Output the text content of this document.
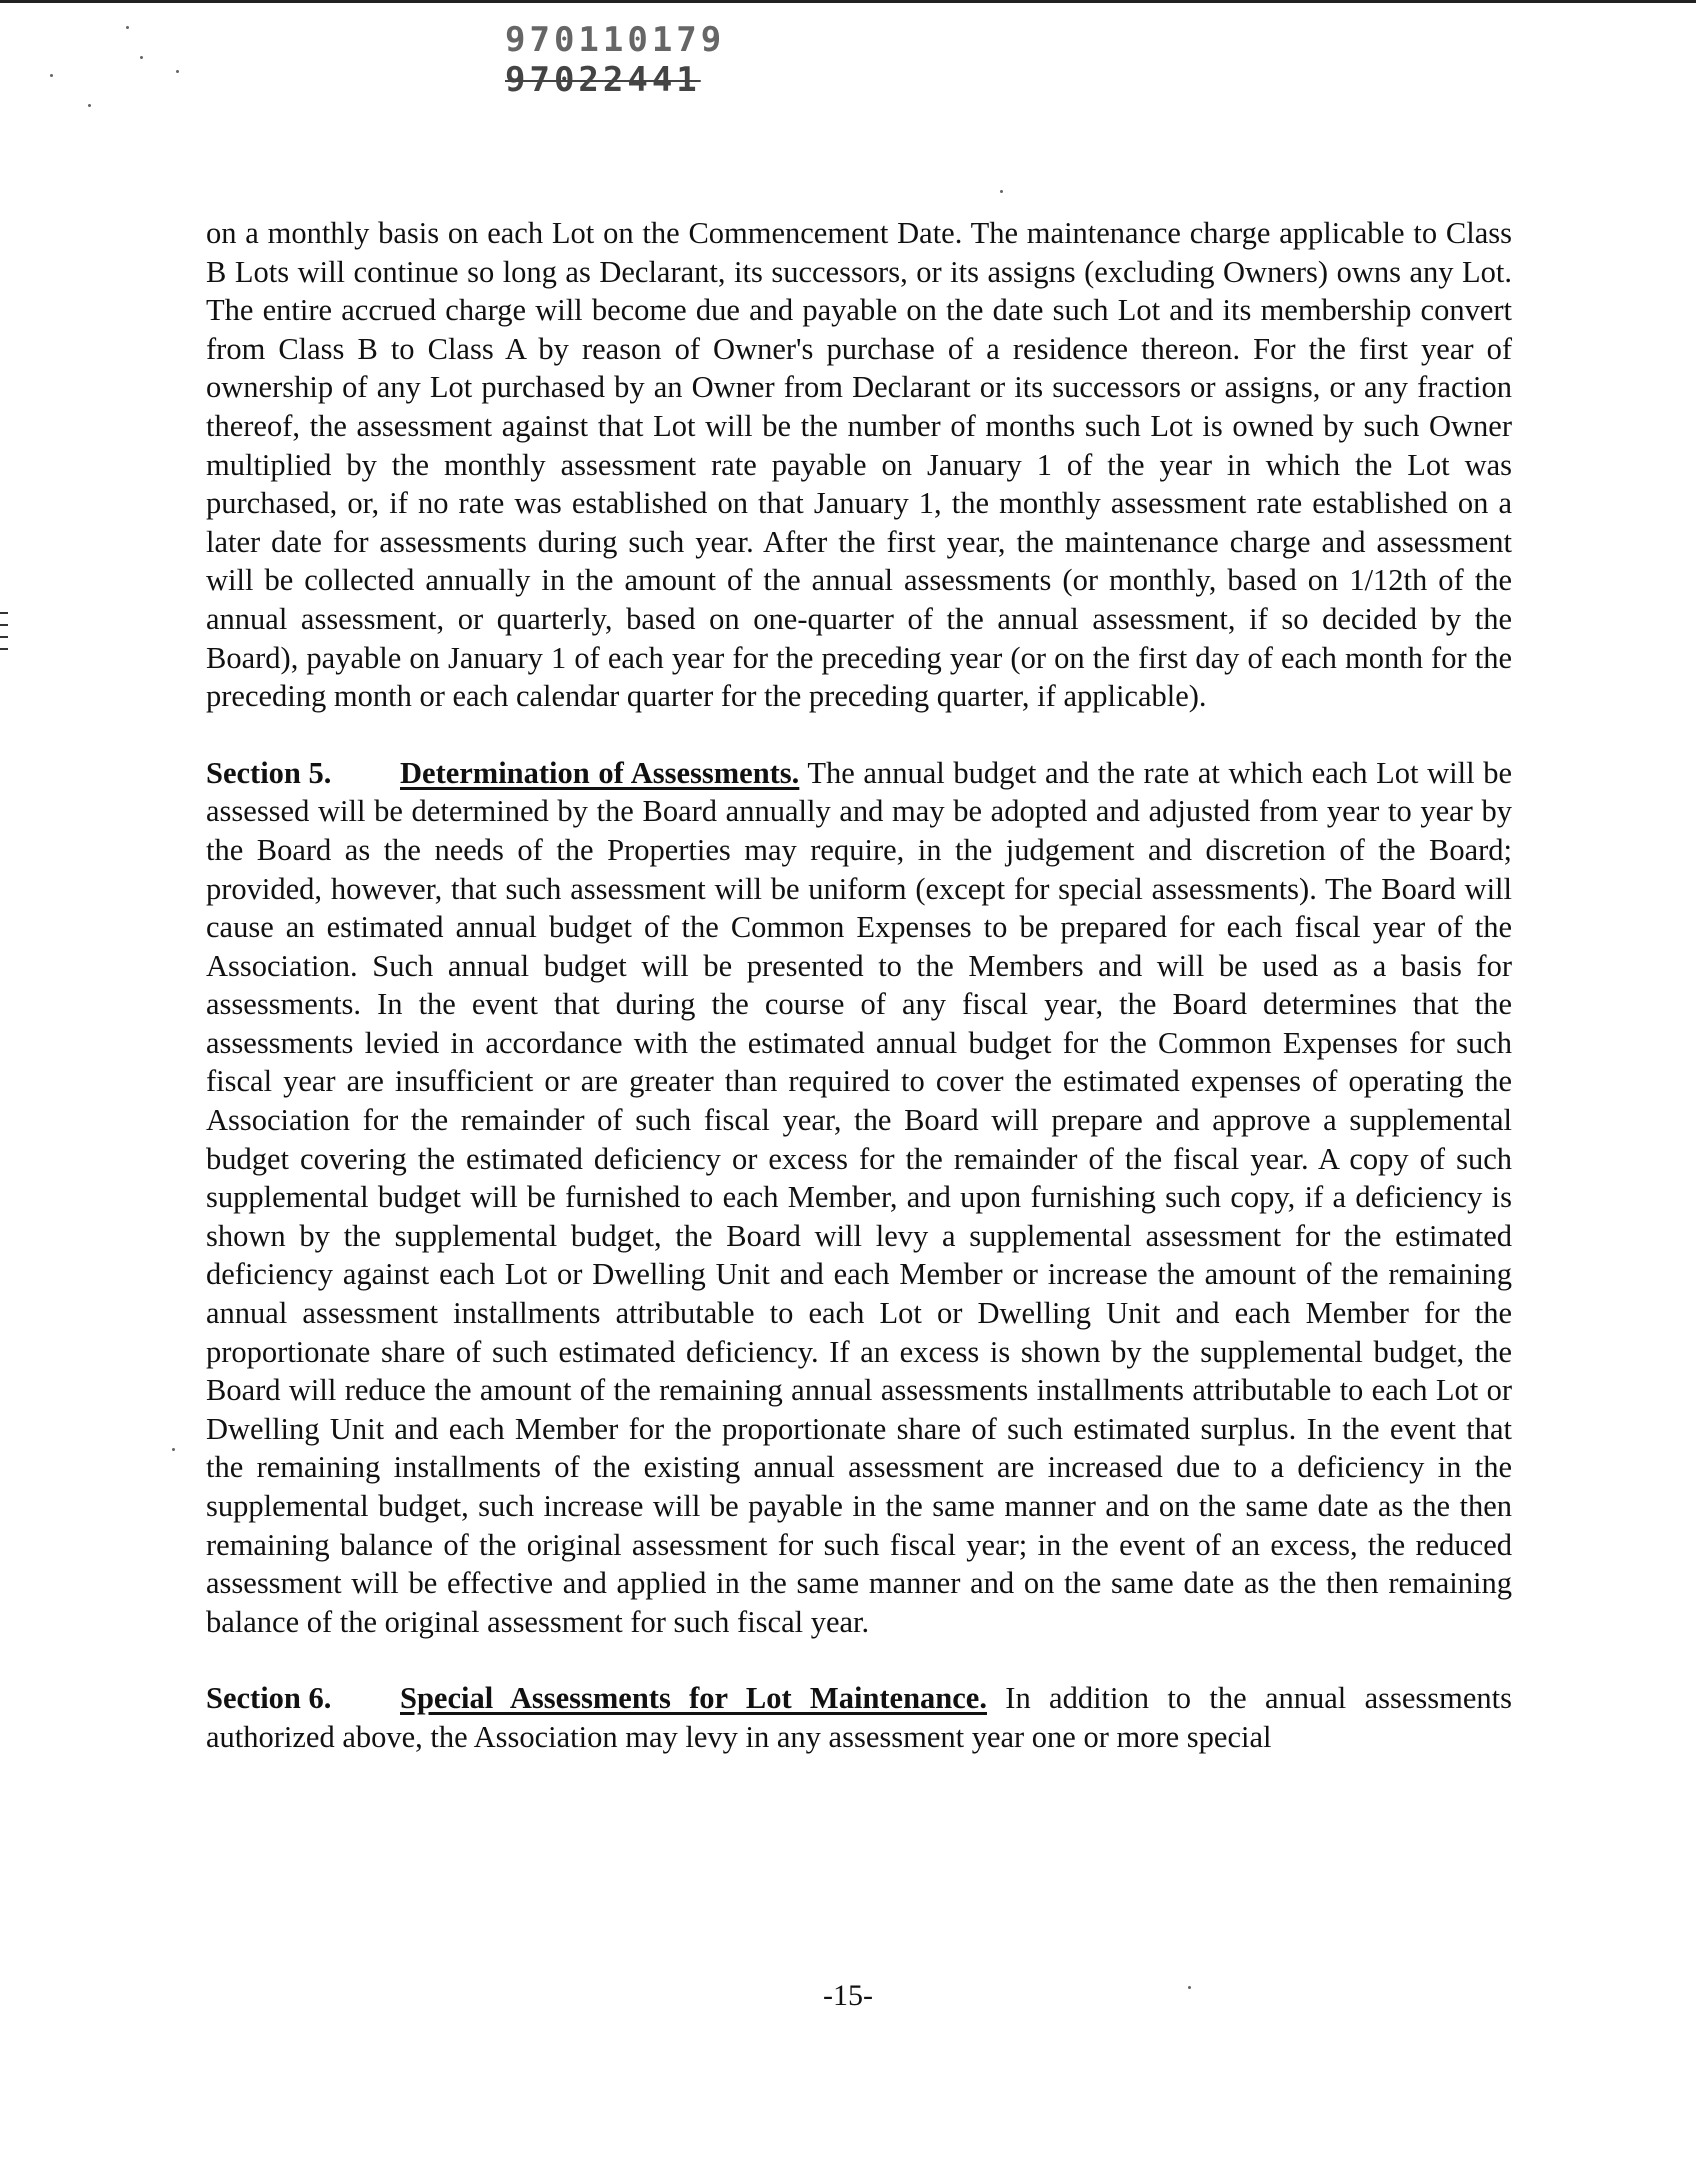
970110179
97022441

on a monthly basis on each Lot on the Commencement Date. The maintenance charge applicable to Class B Lots will continue so long as Declarant, its successors, or its assigns (excluding Owners) owns any Lot. The entire accrued charge will become due and payable on the date such Lot and its membership convert from Class B to Class A by reason of Owner's purchase of a residence thereon. For the first year of ownership of any Lot purchased by an Owner from Declarant or its successors or assigns, or any fraction thereof, the assessment against that Lot will be the number of months such Lot is owned by such Owner multiplied by the monthly assessment rate payable on January 1 of the year in which the Lot was purchased, or, if no rate was established on that January 1, the monthly assessment rate established on a later date for assessments during such year. After the first year, the maintenance charge and assessment will be collected annually in the amount of the annual assessments (or monthly, based on 1/12th of the annual assessment, or quarterly, based on one-quarter of the annual assessment, if so decided by the Board), payable on January 1 of each year for the preceding year (or on the first day of each month for the preceding month or each calendar quarter for the preceding quarter, if applicable).

Section 5. Determination of Assessments. The annual budget and the rate at which each Lot will be assessed will be determined by the Board annually and may be adopted and adjusted from year to year by the Board as the needs of the Properties may require, in the judgement and discretion of the Board; provided, however, that such assessment will be uniform (except for special assessments). The Board will cause an estimated annual budget of the Common Expenses to be prepared for each fiscal year of the Association. Such annual budget will be presented to the Members and will be used as a basis for assessments. In the event that during the course of any fiscal year, the Board determines that the assessments levied in accordance with the estimated annual budget for the Common Expenses for such fiscal year are insufficient or are greater than required to cover the estimated expenses of operating the Association for the remainder of such fiscal year, the Board will prepare and approve a supplemental budget covering the estimated deficiency or excess for the remainder of the fiscal year. A copy of such supplemental budget will be furnished to each Member, and upon furnishing such copy, if a deficiency is shown by the supplemental budget, the Board will levy a supplemental assessment for the estimated deficiency against each Lot or Dwelling Unit and each Member or increase the amount of the remaining annual assessment installments attributable to each Lot or Dwelling Unit and each Member for the proportionate share of such estimated deficiency. If an excess is shown by the supplemental budget, the Board will reduce the amount of the remaining annual assessments installments attributable to each Lot or Dwelling Unit and each Member for the proportionate share of such estimated surplus. In the event that the remaining installments of the existing annual assessment are increased due to a deficiency in the supplemental budget, such increase will be payable in the same manner and on the same date as the then remaining balance of the original assessment for such fiscal year; in the event of an excess, the reduced assessment will be effective and applied in the same manner and on the same date as the then remaining balance of the original assessment for such fiscal year.

Section 6. Special Assessments for Lot Maintenance. In addition to the annual assessments authorized above, the Association may levy in any assessment year one or more special

-15-
